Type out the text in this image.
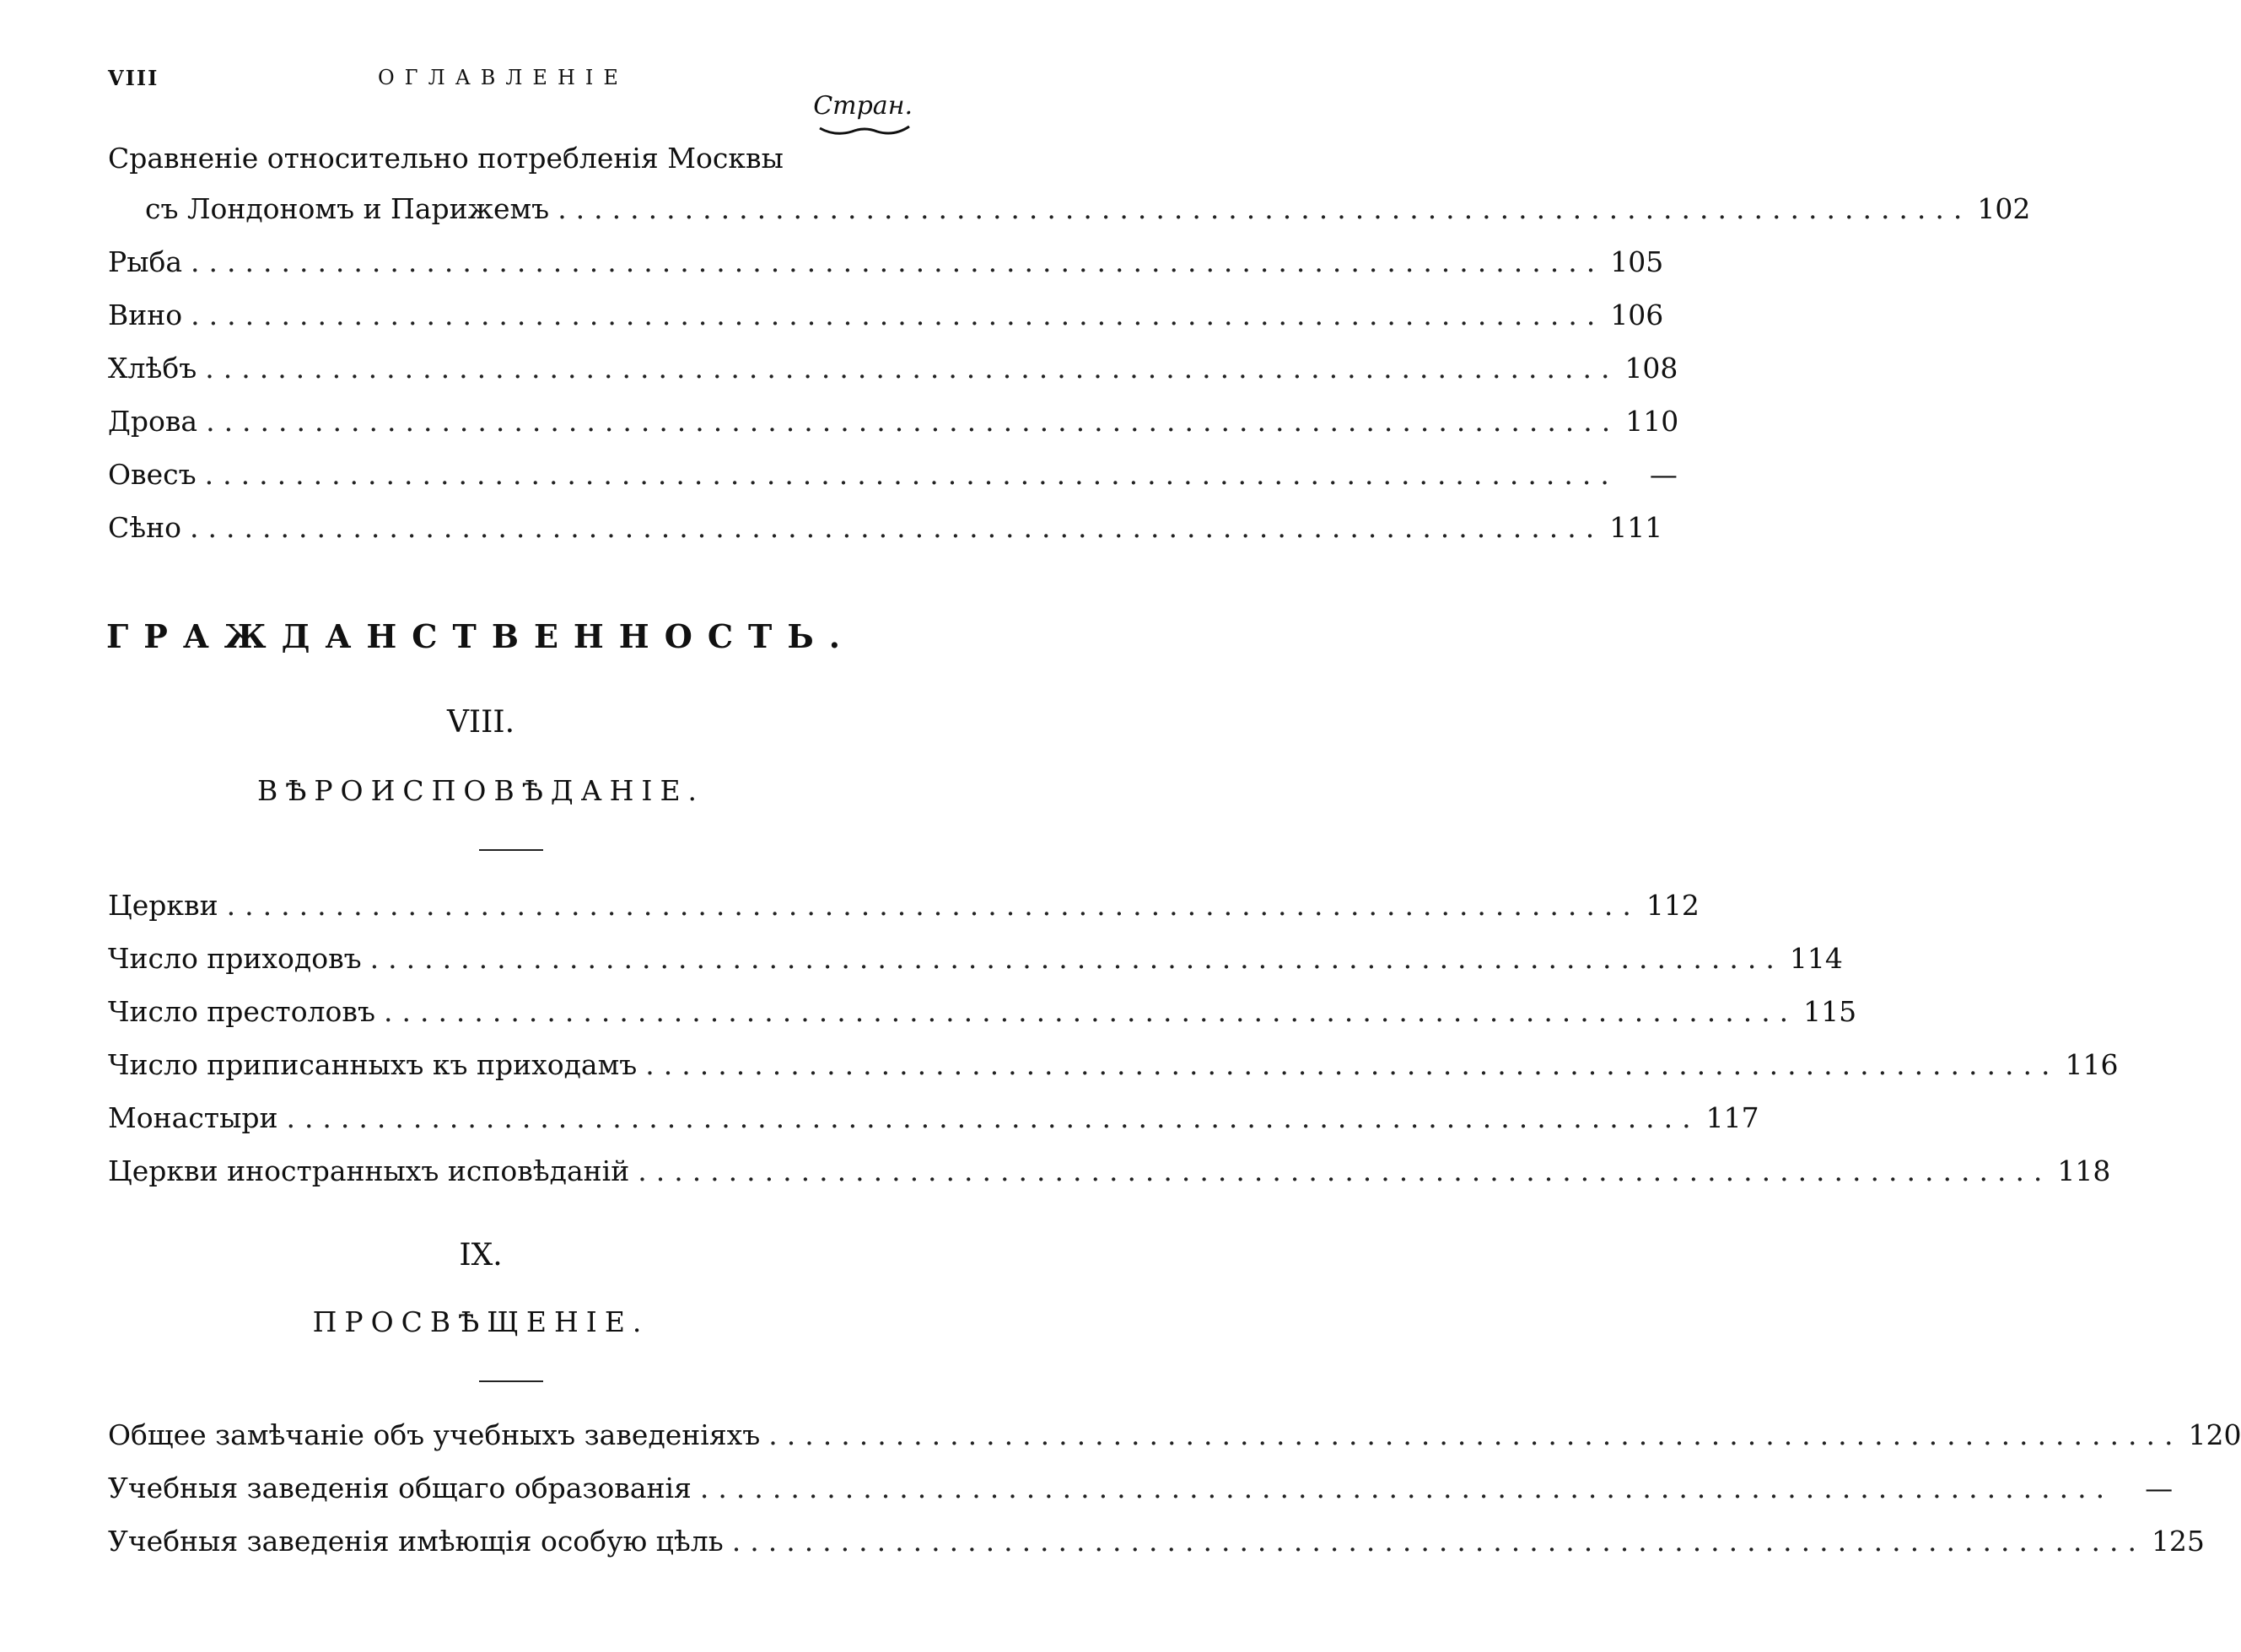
VIII	ОГЛАВЛЕНІЕ
Стран.
Сравненіе относительно потребленія Москвы
съ Лондономъ и Парижемъ .............................................................................. 102
Рыба .............................................................................. 105
Вино .............................................................................. 106
Хлѣбъ .............................................................................. 108
Дрова .............................................................................. 110
Овесъ ..............................................................................	—
Сѣно .............................................................................. 111
ГРАЖДАНСТВЕННОСТЬ.
VIII.
ВѢРОИСПОВѢДАНІЕ.
Церкви .............................................................................. 112
Число приходовъ .............................................................................. 114
Число престоловъ .............................................................................. 115
Число приписанныхъ къ приходамъ .............................................................................. 116
Монастыри .............................................................................. 117
Церкви иностранныхъ исповѣданій .............................................................................. 118
IX.
ПРОСВѢЩЕНІЕ.
Общее замѣчаніе объ учебныхъ заведеніяхъ .............................................................................. 120
Учебныя заведенія общаго образованія ..............................................................................	—
Учебныя заведенія имѣющія особую цѣль .............................................................................. 125
